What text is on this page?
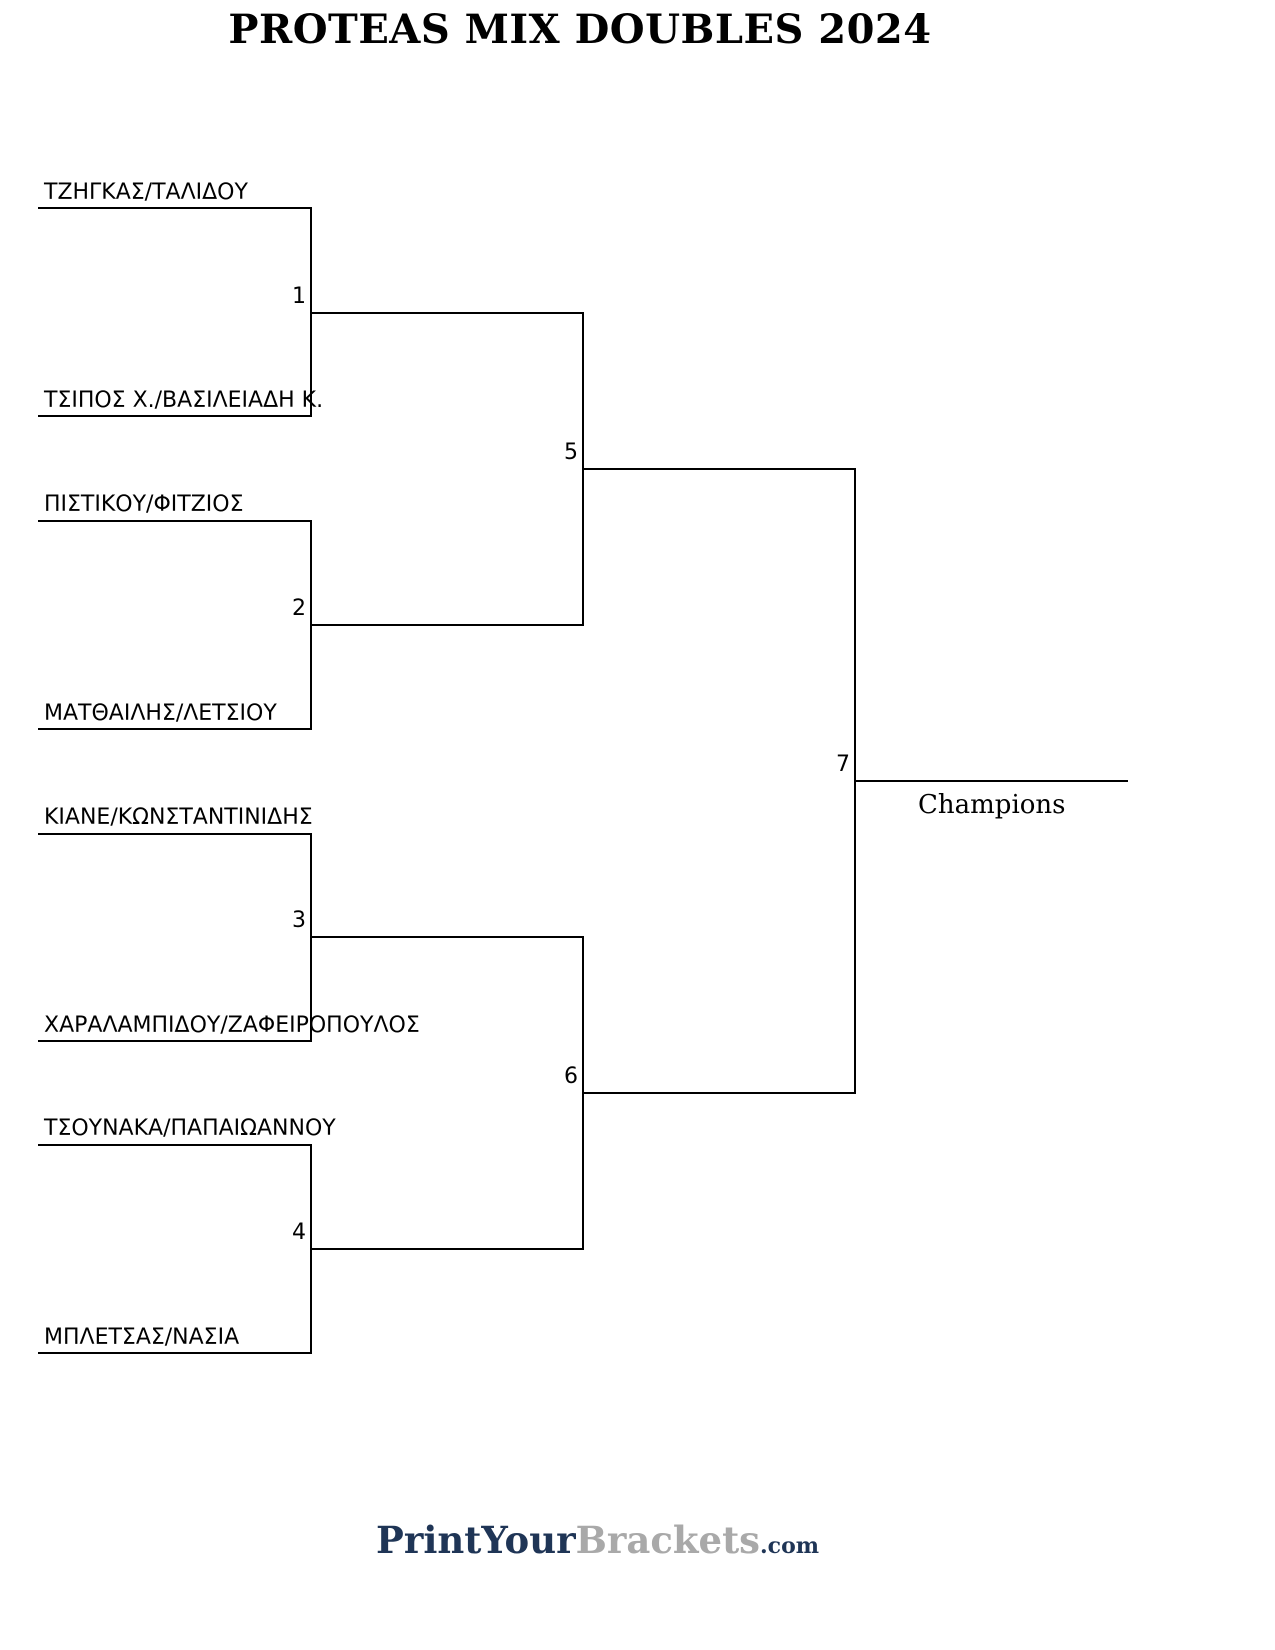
PROTEAS MIX DOUBLES 2024
ΤΖΗΓΚΑΣ/ΤΑΛΙΔΟΥ
ΤΣΙΠΟΣ Χ./ΒΑΣΙΛΕΙΑΔΗ Κ.
ΠΙΣΤΙΚΟΥ/ΦΙΤΖΙΟΣ
ΜΑΤΘΑΙΛΗΣ/ΛΕΤΣΙΟΥ
ΚΙΑΝΕ/ΚΩΝΣΤΑΝΤΙΝΙΔΗΣ
ΧΑΡΑΛΑΜΠΙΔΟΥ/ΖΑΦΕΙΡΟΠΟΥΛΟΣ
ΤΣΟΥΝΑΚΑ/ΠΑΠΑΙΩΑΝΝΟΥ
ΜΠΛΕΤΣΑΣ/ΝΑΣΙΑ
1
2
3
4
5
6
7
Champions
PrintYourBrackets.com
